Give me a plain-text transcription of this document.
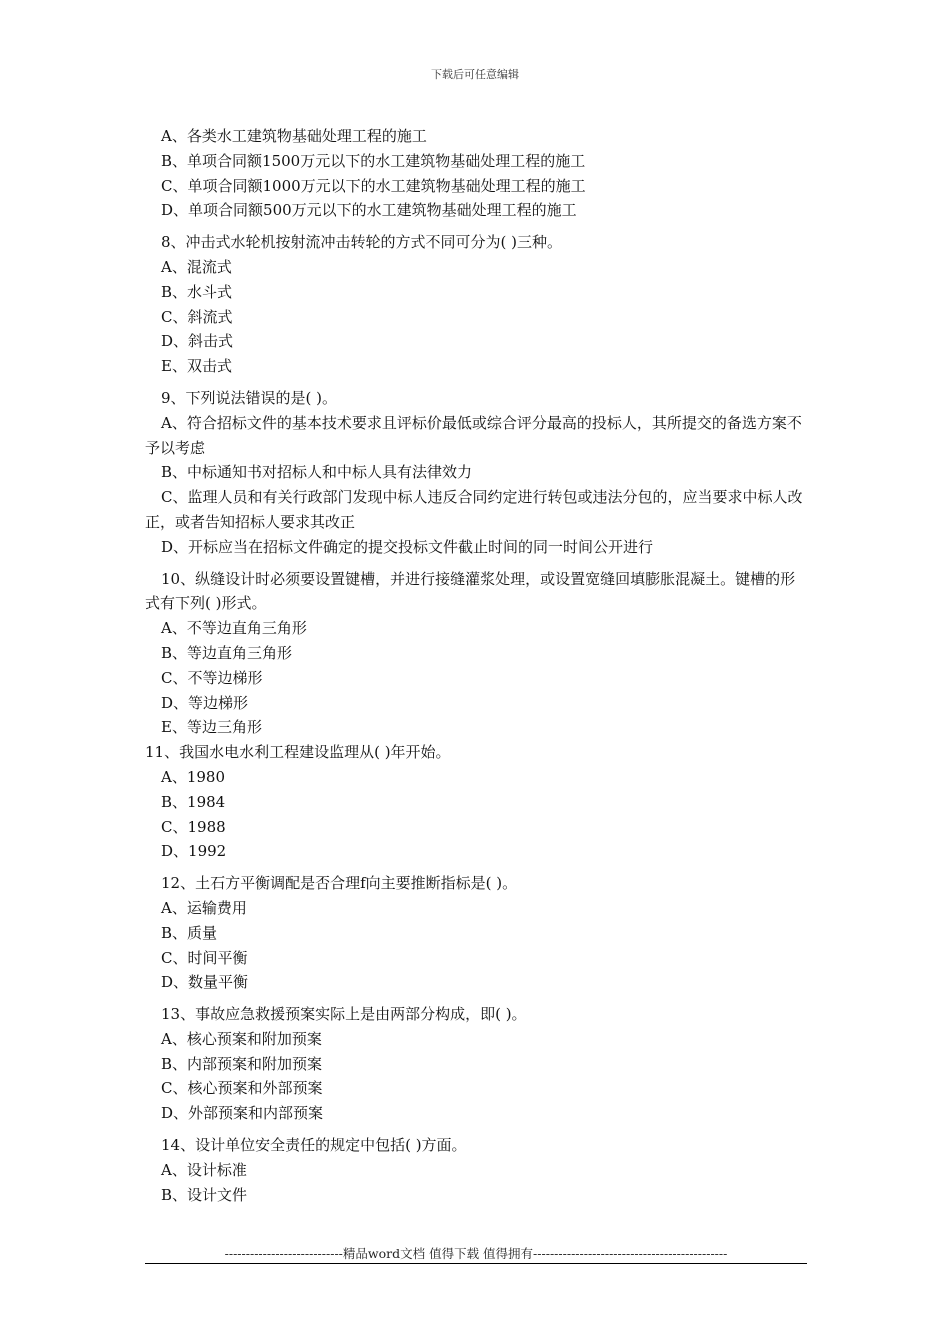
下载后可任意编辑
A、各类水工建筑物基础处理工程的施工
B、单项合同额1500万元以下的水工建筑物基础处理工程的施工
C、单项合同额1000万元以下的水工建筑物基础处理工程的施工
D、单项合同额500万元以下的水工建筑物基础处理工程的施工
8、冲击式水轮机按射流冲击转轮的方式不同可分为( )三种。
A、混流式
B、水斗式
C、斜流式
D、斜击式
E、双击式
9、下列说法错误的是( )。
A、符合招标文件的基本技术要求且评标价最低或综合评分最高的投标人，其所提交的备选方案不予以考虑
B、中标通知书对招标人和中标人具有法律效力
C、监理人员和有关行政部门发现中标人违反合同约定进行转包或违法分包的，应当要求中标人改正，或者告知招标人要求其改正
D、开标应当在招标文件确定的提交投标文件截止时间的同一时间公开进行
10、纵缝设计时必须要设置键槽，并进行接缝灌浆处理，或设置宽缝回填膨胀混凝土。键槽的形式有下列( )形式。
A、不等边直角三角形
B、等边直角三角形
C、不等边梯形
D、等边梯形
E、等边三角形
11、我国水电水利工程建设监理从( )年开始。
A、1980
B、1984
C、1988
D、1992
12、土石方平衡调配是否合理f向主要推断指标是( )。
A、运输费用
B、质量
C、时间平衡
D、数量平衡
13、事故应急救援预案实际上是由两部分构成，即( )。
A、核心预案和附加预案
B、内部预案和附加预案
C、核心预案和外部预案
D、外部预案和内部预案
14、设计单位安全责任的规定中包括( )方面。
A、设计标准
B、设计文件
----------------------------精品word文档 值得下载 值得拥有----------------------------------------------
